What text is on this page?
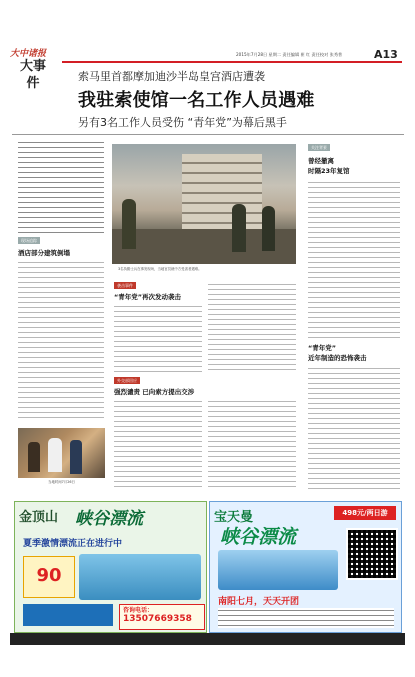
大中诸报
大事件
2015年7月28日 星期二 责任编辑 崔 红 责任校对 张秀普	A13
索马里首都摩加迪沙半岛皇宫酒店遭袭
我驻索使馆一名工作人员遇难
另有3名工作人员受伤 “青年党”为幕后黑手
现场追踪
酒店部分建筑倒塌
当地时间7月26日
3名执勤士兵在事发现场，当地官员就中方受害者遇难。
袭击事件
“青年党”再次发动袭击
外交部回应
强烈谴责 已向索方提出交涉
关注背景
曾经撤离
时隔23年复馆
“青年党”
近年制造的恐怖袭击
金顶山 峡谷漂流
夏季激情漂流正在进行中
90
咨询电话：
13507669358
宝天曼
峡谷漂流
498元/两日游
南阳七月，天天开团
